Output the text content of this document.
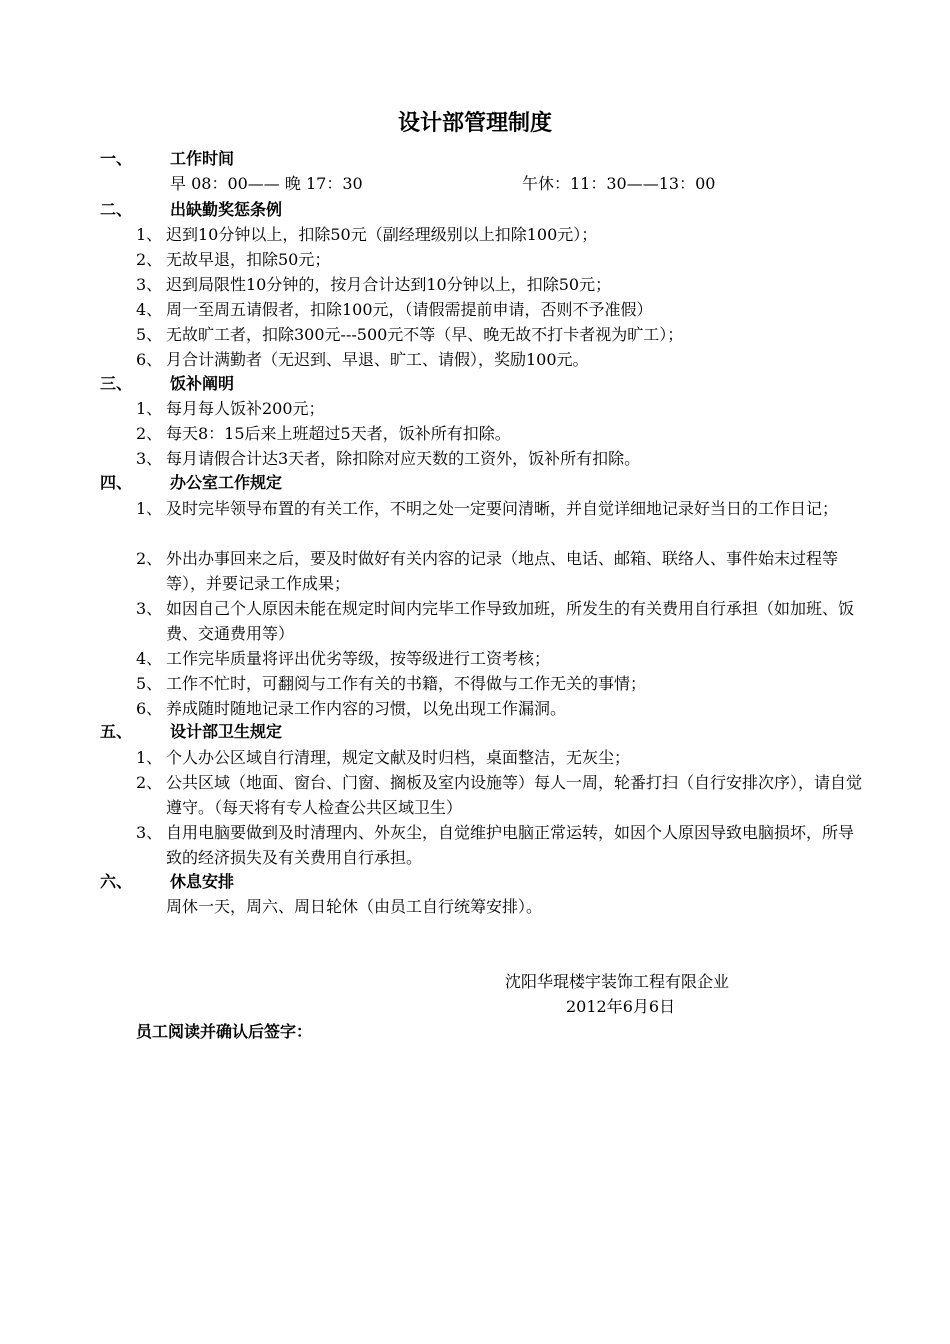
设计部管理制度
一、 工作时间
早 08：00—— 晚 17：30	午休：11：30——13：00
二、 出缺勤奖惩条例
1、 迟到10分钟以上，扣除50元（副经理级别以上扣除100元）；
2、 无故早退，扣除50元；
3、 迟到局限性10分钟的，按月合计达到10分钟以上，扣除50元；
4、 周一至周五请假者，扣除100元，（请假需提前申请，否则不予准假）
5、 无故旷工者，扣除300元---500元不等（早、晚无故不打卡者视为旷工）；
6、 月合计满勤者（无迟到、早退、旷工、请假），奖励100元。
三、 饭补阐明
1、 每月每人饭补200元；
2、 每天8：15后来上班超过5天者，饭补所有扣除。
3、 每月请假合计达3天者，除扣除对应天数的工资外，饭补所有扣除。
四、 办公室工作规定
1、 及时完毕领导布置的有关工作，不明之处一定要问清晰，并自觉详细地记录好当日的工作日记；
2、 外出办事回来之后，要及时做好有关内容的记录（地点、电话、邮箱、联络人、事件始末过程等等），并要记录工作成果；
3、 如因自己个人原因未能在规定时间内完毕工作导致加班，所发生的有关费用自行承担（如加班、饭费、交通费用等）
4、 工作完毕质量将评出优劣等级，按等级进行工资考核；
5、 工作不忙时，可翻阅与工作有关的书籍，不得做与工作无关的事情；
6、 养成随时随地记录工作内容的习惯，以免出现工作漏洞。
五、 设计部卫生规定
1、 个人办公区域自行清理，规定文献及时归档，桌面整洁，无灰尘；
2、 公共区域（地面、窗台、门窗、搁板及室内设施等）每人一周，轮番打扫（自行安排次序），请自觉遵守。（每天将有专人检查公共区域卫生）
3、 自用电脑要做到及时清理内、外灰尘，自觉维护电脑正常运转，如因个人原因导致电脑损坏，所导致的经济损失及有关费用自行承担。
六、 休息安排
周休一天，周六、周日轮休（由员工自行统筹安排）。
沈阳华琨楼宇装饰工程有限企业
2012年6月6日
员工阅读并确认后签字：
